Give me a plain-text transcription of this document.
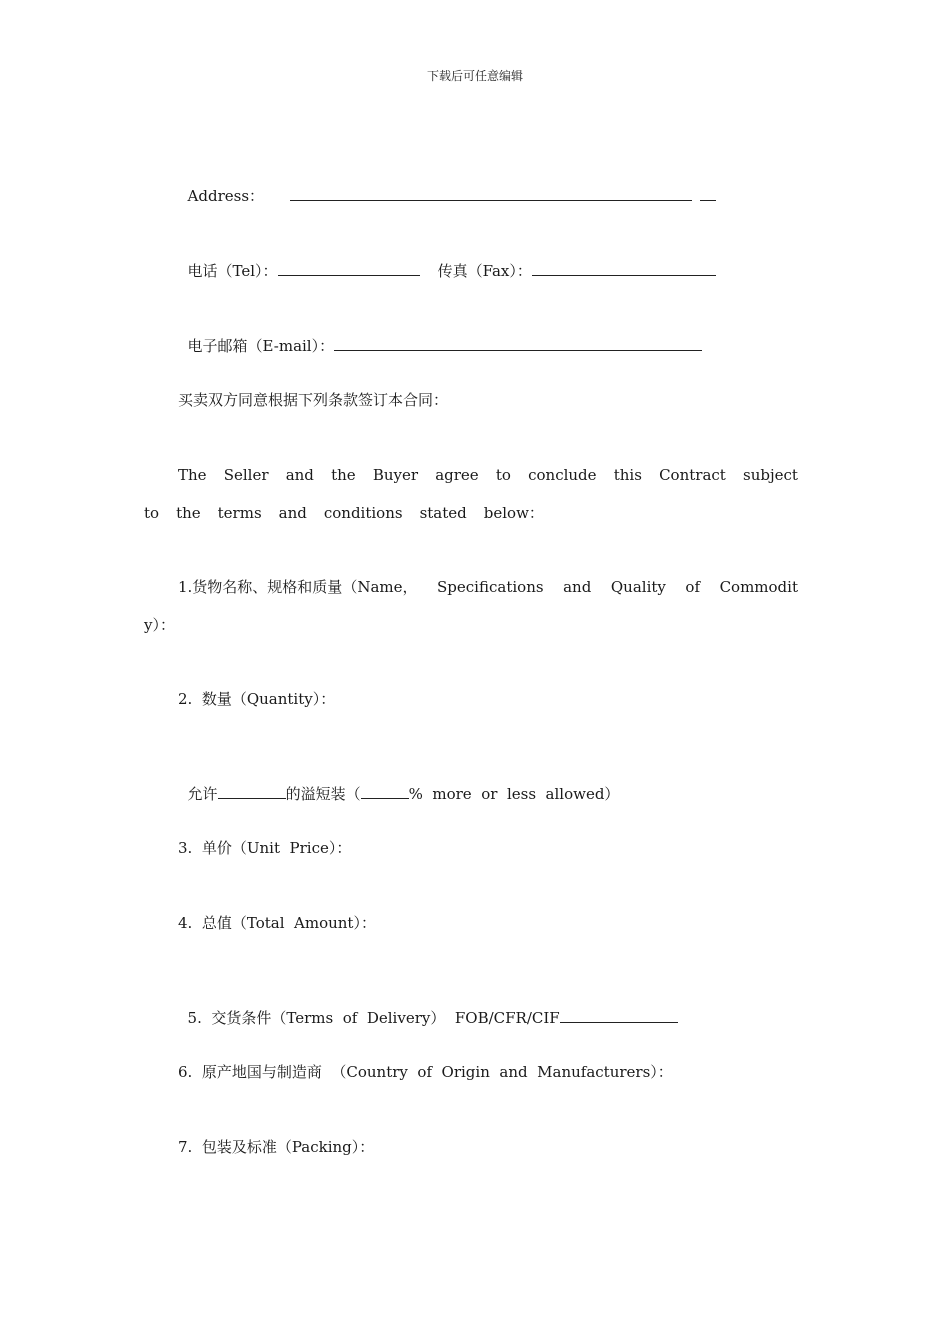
下载后可任意编辑

Address：

电话（Tel）：	传真（Fax）：

电子邮箱（E-mail）：

买卖双方同意根据下列条款签订本合同：
The Seller and the Buyer agree to conclude this Contract subject
to the terms and conditions stated below：
1.货物名称、规格和质量（Name， Specifications and Quality of Commodit
y）：
2.  数量（Quantity）：

允许	的溢短装（	%  more  or  less  allowed）

3.  单价（Unit  Price）：
4.  总值（Total  Amount）：

5.  交货条件（Terms  of  Delivery）  FOB/CFR/CIF

6.  原产地国与制造商  （Country  of  Origin  and  Manufacturers）：
7.  包装及标准（Packing）：
